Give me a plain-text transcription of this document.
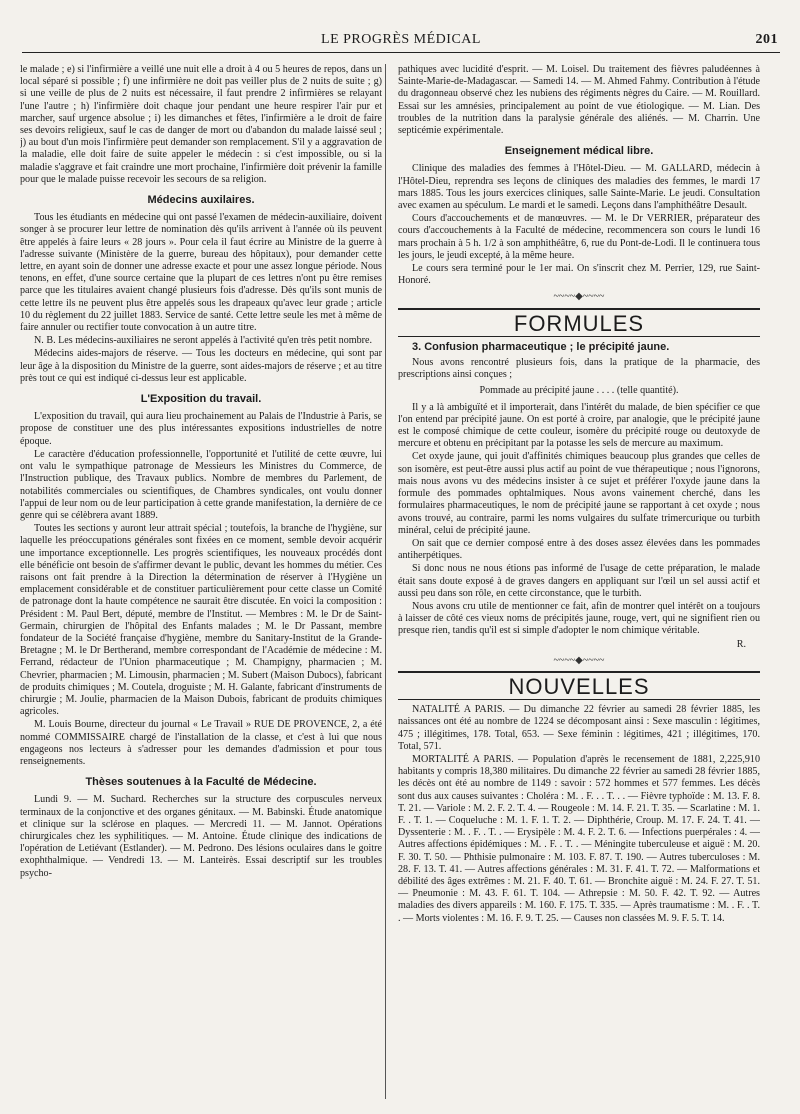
LE PROGRÈS MÉDICAL	201

le malade ; e) si l'infirmière a veillé une nuit elle a droit à 4 ou 5 heures de repos, dans un local séparé si possible ; f) une infirmière ne doit pas veiller plus de 2 nuits de suite ; g) si une veille de plus de 2 nuits est nécessaire, il faut prendre 2 infirmières se relayant l'une l'autre ; h) l'infirmière doit chaque jour pendant une heure respirer l'air pur et marcher, sauf urgence absolue ; i) les dimanches et fêtes, l'infirmière a le droit de faire ses devoirs religieux, sauf le cas de danger de mort ou d'abandon du malade laissé seul ; j) au bout d'un mois l'infirmière peut demander son remplacement. S'il y a aggravation de la maladie, elle doit faire de suite appeler le médecin : si c'est impossible, ou si la maladie s'aggrave et fait craindre une mort prochaine, l'infirmière doit prévenir la famille pour que le malade puisse recevoir les secours de sa religion.

Médecins auxilaires.

Tous les étudiants en médecine qui ont passé l'examen de médecin-auxiliaire, doivent songer à se procurer leur lettre de nomination dès qu'ils arrivent à l'année où ils peuvent être appelés à faire leurs « 28 jours ». Pour cela il faut écrire au Ministre de la guerre à l'adresse suivante (Ministère de la guerre, bureau des hôpitaux), pour demander cette lettre, en ayant soin de donner une adresse exacte et pour une assez longue période. Nous tenons, en effet, d'une source certaine que la plupart de ces lettres n'ont pu être remises parce que les titulaires avaient changé plusieurs fois d'adresse. Dès qu'ils sont munis de cette lettre ils ne peuvent plus être appelés sous les drapeaux qu'avec leur grade ; article 10 du règlement du 22 juillet 1883. Service de santé. Cette lettre seule les met à même de faire annuler ou rectifier toute convocation à un autre titre.

N. B. Les médecins-auxiliaires ne seront appelés à l'activité qu'en très petit nombre.

Médecins aides-majors de réserve. — Tous les docteurs en médecine, qui sont par leur âge à la disposition du Ministre de la guerre, sont aides-majors de réserve ; et au titre près tout ce qui est indiqué ci-dessus leur est applicable.

L'Exposition du travail.

L'exposition du travail, qui aura lieu prochainement au Palais de l'Industrie à Paris, se propose de constituer une des plus intéressantes expositions industrielles de notre époque.

Le caractère d'éducation professionnelle, l'opportunité et l'utilité de cette œuvre, lui ont valu le sympathique patronage de Messieurs les Ministres du Commerce, de l'Instruction publique, des Travaux publics. Nombre de membres du Parlement, de notabilités commerciales ou scientifiques, de Chambres syndicales, ont voulu donner l'appui de leur nom ou de leur participation à cette grande manifestation, la dernière de ce genre qui se célèbrera avant 1889.

Toutes les sections y auront leur attrait spécial ; toutefois, la branche de l'hygiène, sur laquelle les préoccupations générales sont fixées en ce moment, semble devoir acquérir une importance exceptionnelle. Les progrès scientifiques, les nouveaux procédés dont elle bénéficie ont besoin de s'affirmer devant le public, devant les hommes du métier. Ces raisons ont fait prendre à la Direction la détermination de réserver à l'Hygiène un emplacement considérable et de constituer particulièrement pour cette classe un Comité de patronage dont la haute compétence ne saurait être discutée. En voici la composition : Président : M. Paul Bert, député, membre de l'Institut. — Membres : M. le Dr de Saint-Germain, chirurgien de l'hôpital des Enfants malades ; M. le Dr Passant, membre fondateur de la Société française d'hygiène, membre du Sanitary-Institut de la Grande-Bretagne ; M. le Dr Bertherand, membre correspondant de l'Académie de médecine : M. Ferrand, rédacteur de l'Union pharmaceutique ; M. Champigny, pharmacien ; M. Chevrier, pharmacien ; M. Limousin, pharmacien ; M. Subert (Maison Dubocs), fabricant de produits chimiques ; M. Coutela, droguiste ; M. H. Galante, fabricant d'instruments de chirurgie ; M. Joulie, pharmacien de la Maison Dubois, fabricant de produits chimiques agricoles.

M. Louis Bourne, directeur du journal « Le Travail » RUE DE PROVENCE, 2, a été nommé COMMISSAIRE chargé de l'installation de la classe, et c'est à lui que nous engageons nos lecteurs à s'adresser pour les demandes d'admission et pour tous renseignements.

Thèses soutenues à la Faculté de Médecine.

Lundi 9. — M. Suchard. Recherches sur la structure des corpuscules nerveux terminaux de la conjonctive et des organes génitaux. — M. Babinski. Étude anatomique et clinique sur la sclérose en plaques. — Mercredi 11. — M. Jannot. Opérations chirurgicales chez les syphilitiques. — M. Antoine. Étude clinique des indications de l'opération de Letiévant (Estlander). — M. Pedrono. Des lésions oculaires dans le goitre exophthalmique. — Vendredi 13. — M. Lanteirès. Essai descriptif sur les troubles psycho-

pathiques avec lucidité d'esprit. — M. Loisel. Du traitement des fièvres paludéennes à Sainte-Marie-de-Madagascar. — Samedi 14. — M. Ahmed Fahmy. Contribution à l'étude du dragonneau observé chez les nubiens des régiments nègres du Caire. — M. Rouillard. Essai sur les amnésies, principalement au point de vue étiologique. — M. Lian. Des troubles de la nutrition dans la paralysie générale des aliénés. — M. Charrin. Une septicémie expérimentale.

Enseignement médical libre.

Clinique des maladies des femmes à l'Hôtel-Dieu. — M. GALLARD, médecin à l'Hôtel-Dieu, reprendra ses leçons de cliniques des maladies des femmes, le mardi 17 mars 1885. Tous les jours exercices cliniques, salle Sainte-Marie. Le jeudi. Consultation avec examen au spéculum. Le mardi et le samedi. Leçons dans l'amphithéâtre Desault.

Cours d'accouchements et de manœuvres. — M. le Dr VERRIER, préparateur des cours d'accouchements à la Faculté de médecine, recommencera son cours le lundi 16 mars prochain à 5 h. 1/2 à son amphithéâtre, 6, rue du Pont-de-Lodi. Il le continuera tous les jours, le jeudi excepté, à la même heure.

Le cours sera terminé pour le 1er mai. On s'inscrit chez M. Perrier, 129, rue Saint-Honoré.

~~~~◆~~~~
FORMULES
3. Confusion pharmaceutique ; le précipité jaune.

Nous avons rencontré plusieurs fois, dans la pratique de la pharmacie, des prescriptions ainsi conçues ;

Pommade au précipité jaune . . . . (telle quantité).

Il y a là ambiguïté et il importerait, dans l'intérêt du malade, de bien spécifier ce que l'on entend par précipité jaune. On est porté à croire, par analogie, que le précipité jaune est le composé chimique de cette couleur, isomère du précipité rouge ou deutoxyde de mercure et obtenu en précipitant par la potasse les sels de mercure au maximum.

Cet oxyde jaune, qui jouit d'affinités chimiques beaucoup plus grandes que celles de son isomère, est peut-être aussi plus actif au point de vue thérapeutique ; nous l'ignorons, mais nous avons vu des médecins insister à ce sujet et préférer l'oxyde jaune dans la formule des pommades ophtalmiques. Nous avons vainement cherché, dans les formulaires pharmaceutiques, le nom de précipité jaune se rapportant à cet oxyde ; nous avons trouvé, au contraire, parmi les noms vulgaires du sulfate trimercurique ou turbith minéral, celui de précipité jaune.

On sait que ce dernier composé entre à des doses assez élevées dans les pommades antiherpétiques.

Si donc nous ne nous étions pas informé de l'usage de cette préparation, le malade était sans doute exposé à de graves dangers en appliquant sur l'œil un sel aussi actif et aussi peu dans son rôle, en cette circonstance, que le turbith.

Nous avons cru utile de mentionner ce fait, afin de montrer quel intérêt on a toujours à laisser de côté ces vieux noms de précipités jaune, rouge, vert, qui ne signifient rien ou presque rien, tandis qu'il est si simple d'adopter le nom chimique véritable.

R.

~~~~◆~~~~
NOUVELLES

NATALITÉ A PARIS. — Du dimanche 22 février au samedi 28 février 1885, les naissances ont été au nombre de 1224 se décomposant ainsi : Sexe masculin : légitimes, 475 ; illégitimes, 178. Total, 653. — Sexe féminin : légitimes, 421 ; illégitimes, 170. Total, 571.

MORTALITÉ A PARIS. — Population d'après le recensement de 1881, 2,225,910 habitants y compris 18,380 militaires. Du dimanche 22 février au samedi 28 février 1885, les décès ont été au nombre de 1149 : savoir : 572 hommes et 577 femmes. Les décès sont dus aux causes suivantes : Choléra : M. . F. . . T. . . — Fièvre typhoïde : M. 13. F. 8. T. 21. — Variole : M. 2. F. 2. T. 4. — Rougeole : M. 14. F. 21. T. 35. — Scarlatine : M. 1. F. . T. 1. — Coqueluche : M. 1. F. 1. T. 2. — Diphthérie, Croup. M. 17. F. 24. T. 41. — Dyssenterie : M. . F. . T. . — Erysipèle : M. 4. F. 2. T. 6. — Infections puerpérales : 4. — Autres affections épidémiques : M. . F. . T. . — Méningite tuberculeuse et aiguë : M. 20. F. 30. T. 50. — Phthisie pulmonaire : M. 103. F. 87. T. 190. — Autres tuberculoses : M. 28. F. 13. T. 41. — Autres affections générales : M. 31. F. 41. T. 72. — Malformations et débilité des âges extrêmes : M. 21. F. 40. T. 61. — Bronchite aiguë : M. 24. F. 27. T. 51. — Pneumonie : M. 43. F. 61. T. 104. — Athrepsie : M. 50. F. 42. T. 92. — Autres maladies des divers appareils : M. 160. F. 175. T. 335. — Après traumatisme : M. . F. . T. . — Morts violentes : M. 16. F. 9. T. 25. — Causes non classées M. 9. F. 5. T. 14.
